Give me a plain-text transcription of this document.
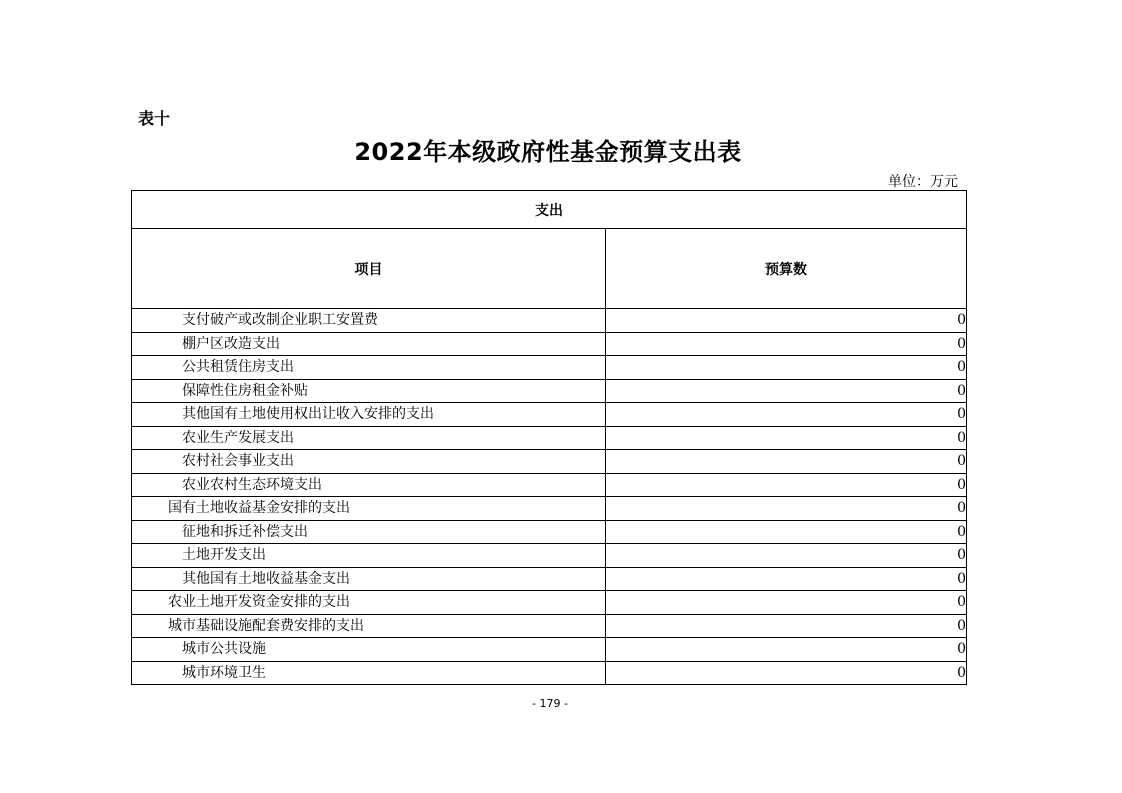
表十
2022年本级政府性基金预算支出表
单位：万元
支出	
项目	预算数
支付破产或改制企业职工安置费	0
棚户区改造支出	0
公共租赁住房支出	0
保障性住房租金补贴	0
其他国有土地使用权出让收入安排的支出	0
农业生产发展支出	0
农村社会事业支出	0
农业农村生态环境支出	0
国有土地收益基金安排的支出	0
征地和拆迁补偿支出	0
土地开发支出	0
其他国有土地收益基金支出	0
农业土地开发资金安排的支出	0
城市基础设施配套费安排的支出	0
城市公共设施	0
城市环境卫生	0
- 179 -
